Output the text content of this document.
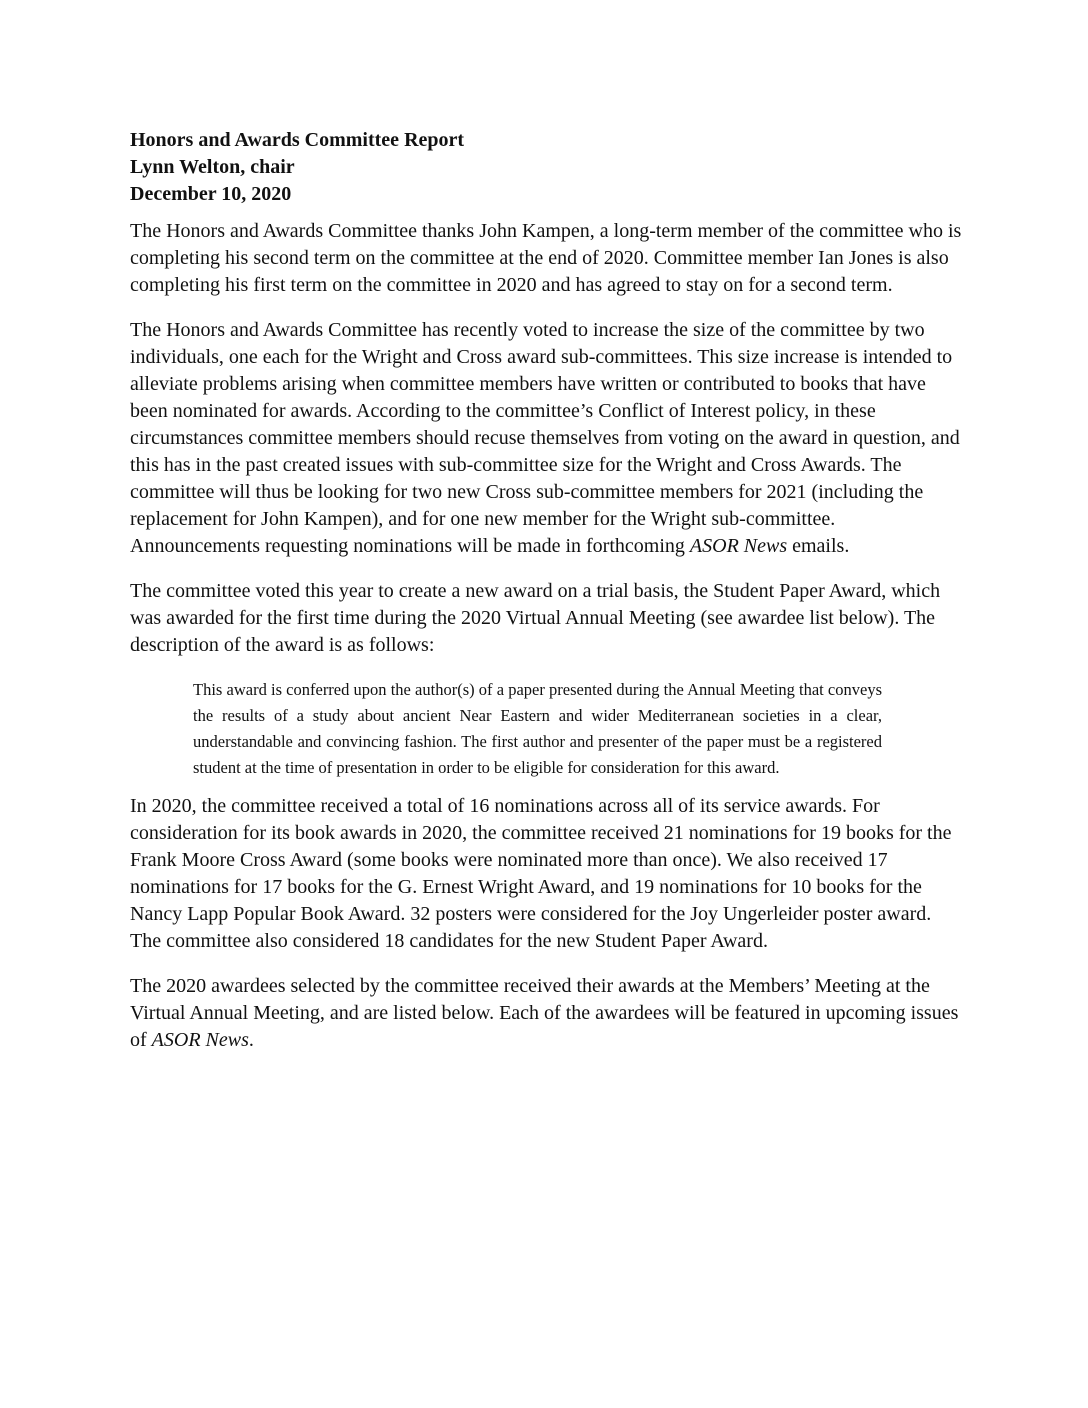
Honors and Awards Committee Report

Lynn Welton, chair

December 10, 2020

The Honors and Awards Committee thanks John Kampen, a long-term member of the committee who is completing his second term on the committee at the end of 2020. Committee member Ian Jones is also completing his first term on the committee in 2020 and has agreed to stay on for a second term.

The Honors and Awards Committee has recently voted to increase the size of the committee by two individuals, one each for the Wright and Cross award sub-committees. This size increase is intended to alleviate problems arising when committee members have written or contributed to books that have been nominated for awards. According to the committee’s Conflict of Interest policy, in these circumstances committee members should recuse themselves from voting on the award in question, and this has in the past created issues with sub-committee size for the Wright and Cross Awards. The committee will thus be looking for two new Cross sub-committee members for 2021 (including the replacement for John Kampen), and for one new member for the Wright sub-committee. Announcements requesting nominations will be made in forthcoming ASOR News emails.

The committee voted this year to create a new award on a trial basis, the Student Paper Award, which was awarded for the first time during the 2020 Virtual Annual Meeting (see awardee list below). The description of the award is as follows:

This award is conferred upon the author(s) of a paper presented during the Annual Meeting that conveys the results of a study about ancient Near Eastern and wider Mediterranean societies in a clear, understandable and convincing fashion. The first author and presenter of the paper must be a registered student at the time of presentation in order to be eligible for consideration for this award.

In 2020, the committee received a total of 16 nominations across all of its service awards. For consideration for its book awards in 2020, the committee received 21 nominations for 19 books for the Frank Moore Cross Award (some books were nominated more than once). We also received 17 nominations for 17 books for the G. Ernest Wright Award, and 19 nominations for 10 books for the Nancy Lapp Popular Book Award. 32 posters were considered for the Joy Ungerleider poster award. The committee also considered 18 candidates for the new Student Paper Award.

The 2020 awardees selected by the committee received their awards at the Members’ Meeting at the Virtual Annual Meeting, and are listed below. Each of the awardees will be featured in upcoming issues of ASOR News.
